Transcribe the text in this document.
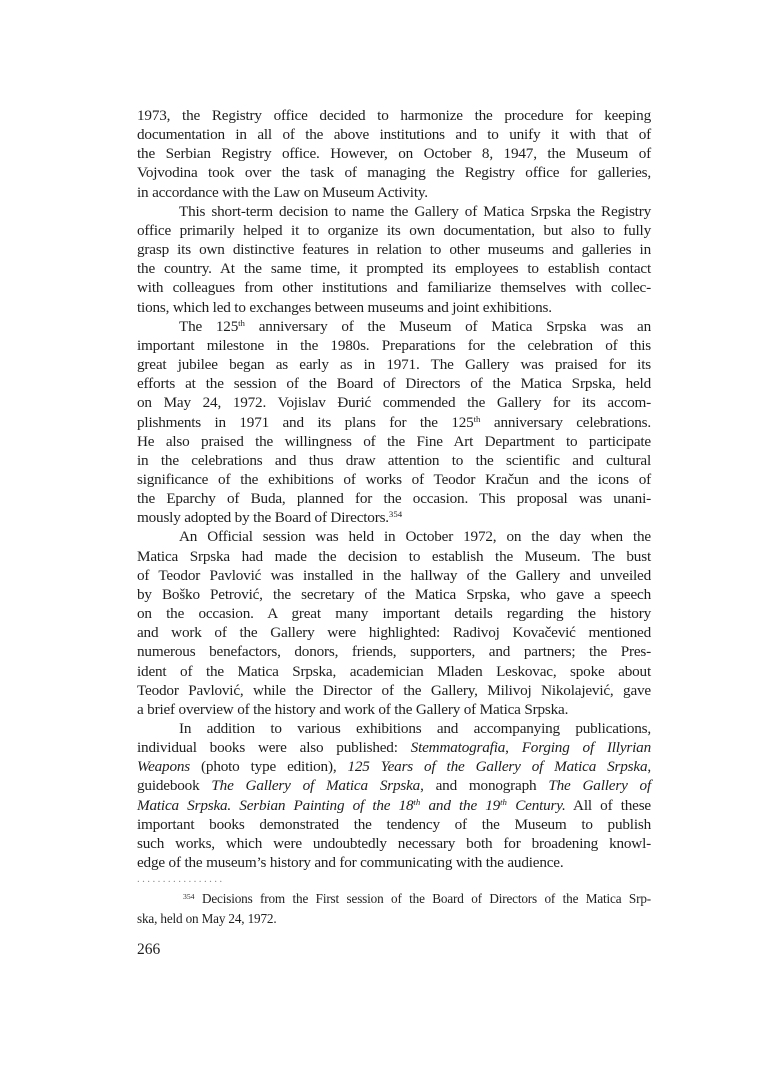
1973, the Registry office decided to harmonize the procedure for keeping
documentation in all of the above institutions and to unify it with that of
the Serbian Registry office. However, on October 8, 1947, the Museum of
Vojvodina took over the task of managing the Registry office for galleries,
in accordance with the Law on Museum Activity.
This short-term decision to name the Gallery of Matica Srpska the Registry
office primarily helped it to organize its own documentation, but also to fully
grasp its own distinctive features in relation to other museums and galleries in
the country. At the same time, it prompted its employees to establish contact
with colleagues from other institutions and familiarize themselves with collec-
tions, which led to exchanges between museums and joint exhibitions.
The 125th anniversary of the Museum of Matica Srpska was an
important milestone in the 1980s. Preparations for the celebration of this
great jubilee began as early as in 1971. The Gallery was praised for its
efforts at the session of the Board of Directors of the Matica Srpska, held
on May 24, 1972. Vojislav Đurić commended the Gallery for its accom-
plishments in 1971 and its plans for the 125th anniversary celebrations.
He also praised the willingness of the Fine Art Department to participate
in the celebrations and thus draw attention to the scientific and cultural
significance of the exhibitions of works of Teodor Kračun and the icons of
the Eparchy of Buda, planned for the occasion. This proposal was unani-
mously adopted by the Board of Directors.$^{354}$
An Official session was held in October 1972, on the day when the
Matica Srpska had made the decision to establish the Museum. The bust
of Teodor Pavlović was installed in the hallway of the Gallery and unveiled
by Boško Petrović, the secretary of the Matica Srpska, who gave a speech
on the occasion. A great many important details regarding the history
and work of the Gallery were highlighted: Radivoj Kovačević mentioned
numerous benefactors, donors, friends, supporters, and partners; the Pres-
ident of the Matica Srpska, academician Mladen Leskovac, spoke about
Teodor Pavlović, while the Director of the Gallery, Milivoj Nikolajević, gave
a brief overview of the history and work of the Gallery of Matica Srpska.
In addition to various exhibitions and accompanying publications,
individual books were also published: Stemmatografia, Forging of Illyrian
Weapons (photo type edition), 125 Years of the Gallery of Matica Srpska,
guidebook The Gallery of Matica Srpska, and monograph The Gallery of
Matica Srpska. Serbian Painting of the 18th and the 19th Century. All of these
important books demonstrated the tendency of the Museum to publish
such works, which were undoubtedly necessary both for broadening knowl-
edge of the museum’s history and for communicating with the audience.
.................
$^{354}$ Decisions from the First session of the Board of Directors of the Matica Srp-
ska, held on May 24, 1972.
266
